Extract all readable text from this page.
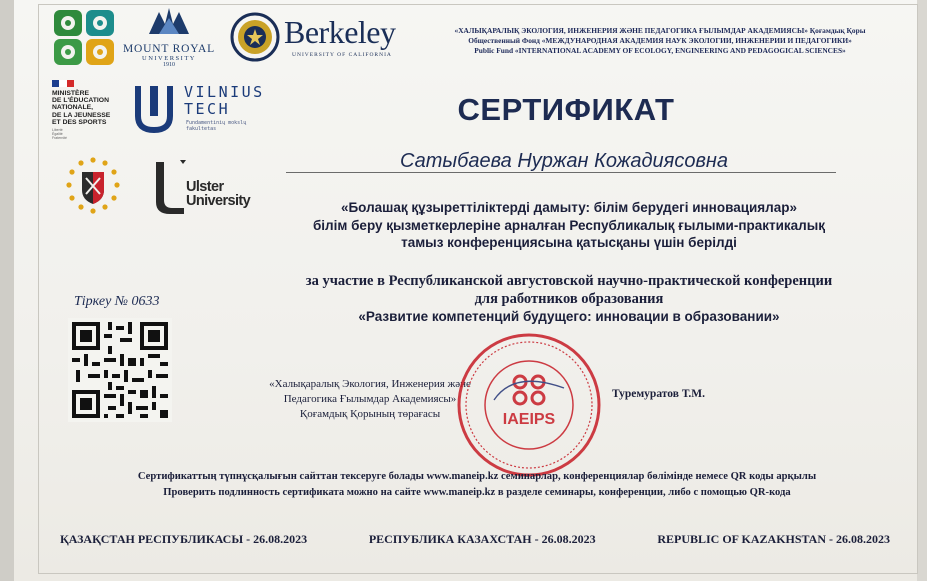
MOUNT ROYAL
UNIVERSITY
1910
Berkeley
UNIVERSITY OF CALIFORNIA
«ХАЛЫҚАРАЛЫҚ ЭКОЛОГИЯ, ИНЖЕНЕРИЯ ЖӘНЕ ПЕДАГОГИКА ҒЫЛЫМДАР АКАДЕМИЯСЫ» Қоғамдық Қоры
Общественный Фонд «МЕЖДУНАРОДНАЯ АКАДЕМИЯ НАУК ЭКОЛОГИИ, ИНЖЕНЕРИИ И ПЕДАГОГИКИ»
Public Fund «INTERNATIONAL ACADEMY OF ECOLOGY, ENGINEERING AND PEDAGOGICAL SCIENCES»
MINISTÈRE
DE L'ÉDUCATION
NATIONALE,
DE LA JEUNESSE
ET DES SPORTS
Liberté
Égalité
Fraternité
VILNIUS
TECH
Fundamentinių mokslų
fakultetas
Ulster
University
СЕРТИФИКАТ
Сатыбаева Нуржан Кожадиясовна
«Болашақ құзыреттіліктерді дамыту: білім берудегі инновациялар»
білім беру қызметкерлеріне арналған Республикалық ғылыми-практикалық
тамыз конференциясына қатысқаны үшін берілді
за участие в Республиканской августовской научно-практической конференции
для работников образования
«Развитие компетенций будущего: инновации в образовании»
Тіркеу № 0633
«Халықаралық Экология, Инженерия және
Педагогика Ғылымдар Академиясы»
Қоғамдық Қорының төрағасы	IAEIPS
Туремуратов Т.М.
Сертификаттың түпнұсқалығын сайттан тексеруге болады www.maneip.kz семинарлар, конференциялар бөлімінде немесе QR коды арқылы
Проверить подлинность сертификата можно на сайте www.maneip.kz в разделе семинары, конференции, либо с помощью QR-кода
ҚАЗАҚСТАН РЕСПУБЛИКАСЫ - 26.08.2023	РЕСПУБЛИКА КАЗАХСТАН - 26.08.2023	REPUBLIC OF KAZAKHSTAN - 26.08.2023
